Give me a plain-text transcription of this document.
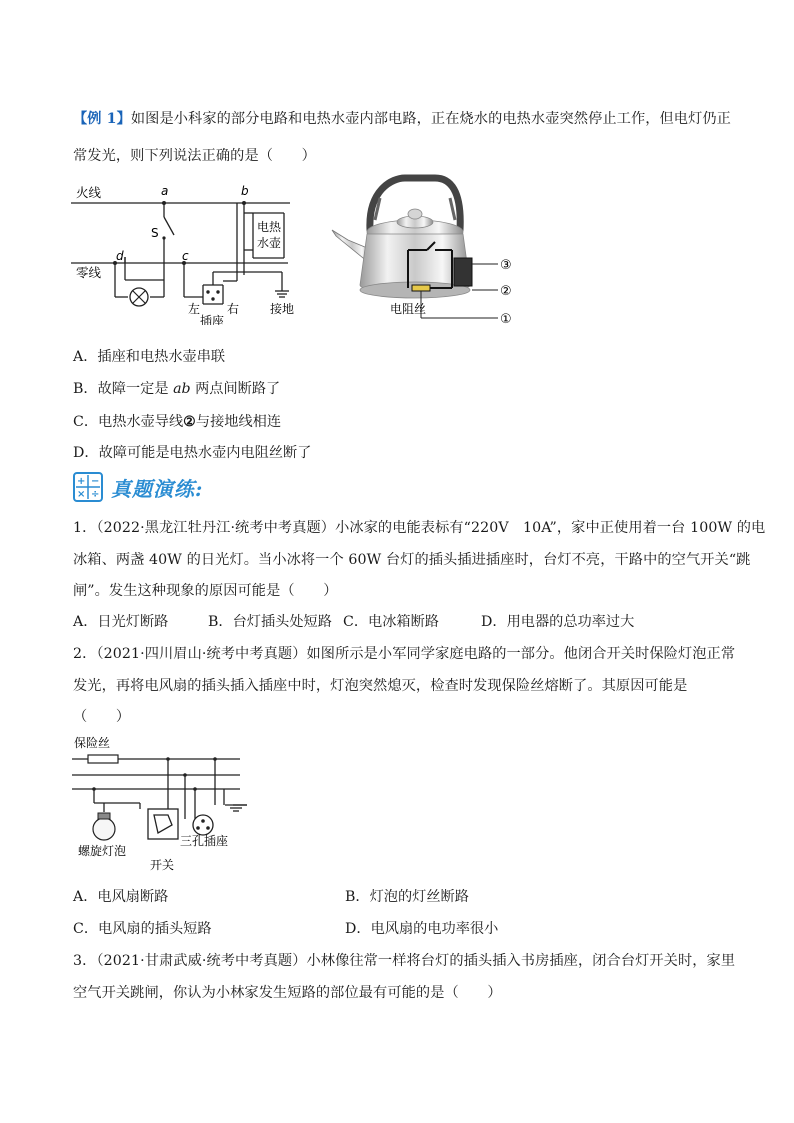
【例 1】如图是小科家的部分电路和电热水壶内部电路，正在烧水的电热水壶突然停止工作，但电灯仍正
常发光，则下列说法正确的是（　　）
火线
零线
a	b
d	c
S	电热
水壶
左 右
插座
接地
③
②
①
电阻丝
A．插座和电热水壶串联
B．故障一定是 ab 两点间断路了
C．电热水壶导线②与接地线相连
D．故障可能是电热水壶内电阻丝断了
+ −
× ÷ 真题演练:
1．（2022·黑龙江牡丹江·统考中考真题）小冰家的电能表标有“220V　10A”，家中正使用着一台 100W 的电
冰箱、两盏 40W 的日光灯。当小冰将一个 60W 台灯的插头插进插座时，台灯不亮，干路中的空气开关“跳
闸”。发生这种现象的原因可能是（　　）
A．日光灯断路	B．台灯插头处短路 C．电冰箱断路	D．用电器的总功率过大
2．（2021·四川眉山·统考中考真题）如图所示是小军同学家庭电路的一部分。他闭合开关时保险灯泡正常
发光，再将电风扇的插头插入插座中时，灯泡突然熄灭，检查时发现保险丝熔断了。其原因可能是
（　　）
保险丝
螺旋灯泡
开关
三孔插座
A．电风扇断路	B．灯泡的灯丝断路
C．电风扇的插头短路	D．电风扇的电功率很小
3．（2021·甘肃武威·统考中考真题）小林像往常一样将台灯的插头插入书房插座，闭合台灯开关时，家里
空气开关跳闸，你认为小林家发生短路的部位最有可能的是（　　）
